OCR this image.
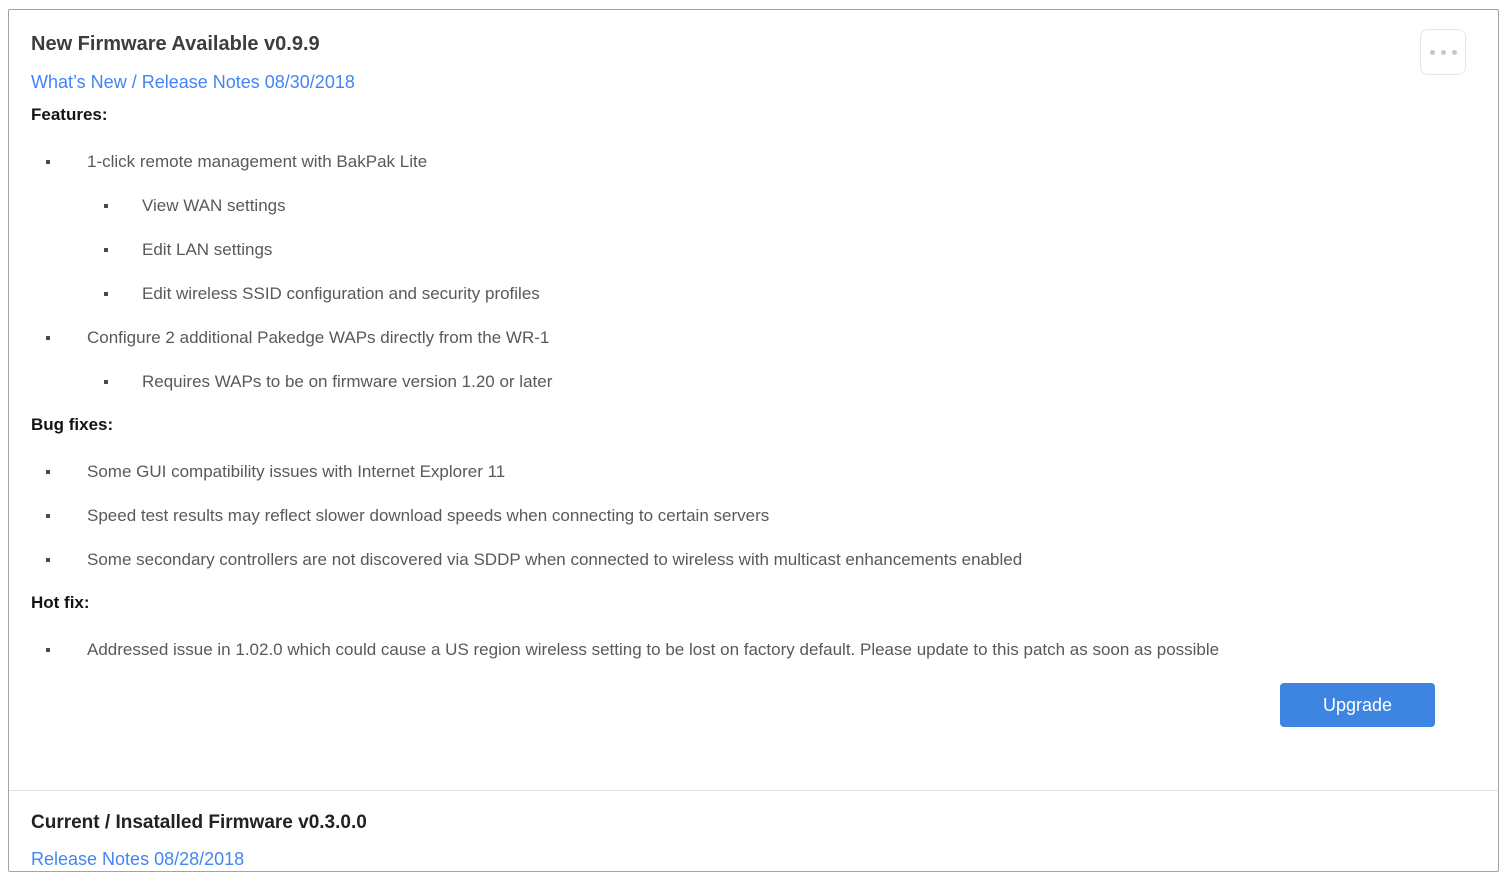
New Firmware Available v0.9.9
What’s New / Release Notes 08/30/2018
Features:
1-click remote management with BakPak Lite
View WAN settings
Edit LAN settings
Edit wireless SSID configuration and security profiles
Configure 2 additional Pakedge WAPs directly from the WR-1
Requires WAPs to be on firmware version 1.20 or later
Bug fixes:
Some GUI compatibility issues with Internet Explorer 11
Speed test results may reflect slower download speeds when connecting to certain servers
Some secondary controllers are not discovered via SDDP when connected to wireless with multicast enhancements enabled
Hot fix:
Addressed issue in 1.02.0 which could cause a US region wireless setting to be lost on factory default. Please update to this patch as soon as possible
Upgrade
Current / Insatalled Firmware v0.3.0.0
Release Notes 08/28/2018
